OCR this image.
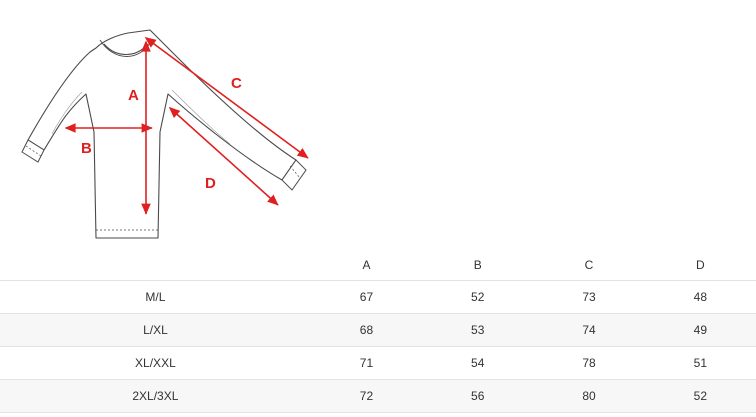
A
B
C
D
	A	B	C	D
M/L	67	52	73	48
L/XL	68	53	74	49
XL/XXL	71	54	78	51
2XL/3XL	72	56	80	52
